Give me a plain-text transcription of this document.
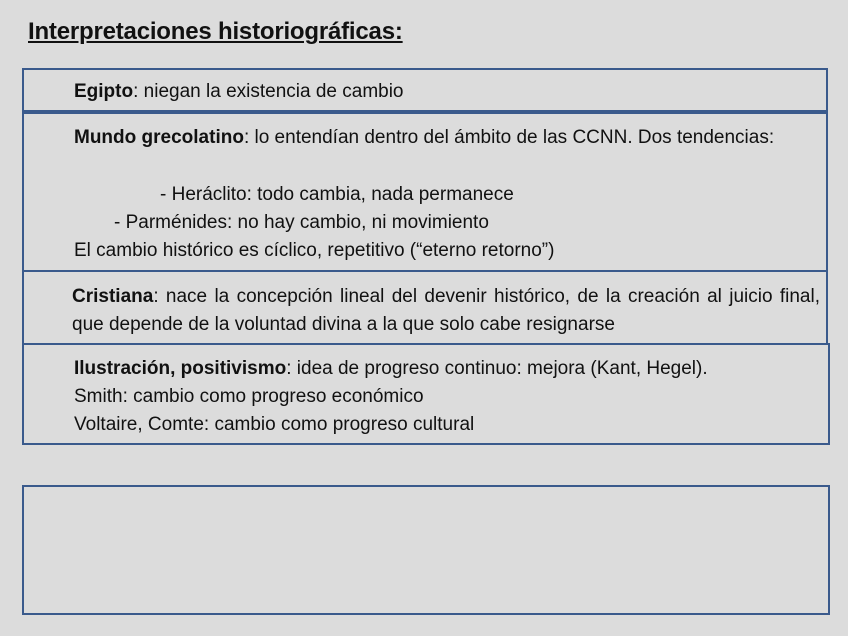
Interpretaciones historiográficas:
Egipto: niegan la existencia de cambio
Mundo grecolatino: lo entendían dentro del ámbito de las CCNN. Dos tendencias:
- Heráclito: todo cambia, nada permanece
- Parménides: no hay cambio, ni movimiento
El cambio histórico es cíclico, repetitivo (“eterno retorno”)
Cristiana: nace la concepción lineal del devenir histórico, de la creación al juicio final, que depende de la voluntad divina a la que solo cabe resignarse
Ilustración, positivismo: idea de progreso continuo: mejora (Kant, Hegel).
Smith: cambio como progreso económico
Voltaire, Comte: cambio como progreso cultural
